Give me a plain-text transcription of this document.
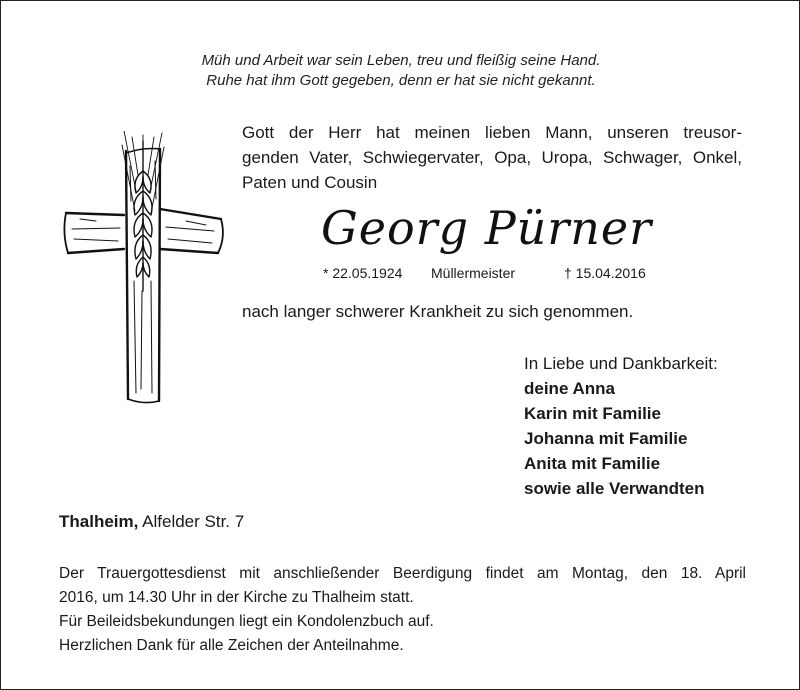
Müh und Arbeit war sein Leben, treu und fleißig seine Hand.
Ruhe hat ihm Gott gegeben, denn er hat sie nicht gekannt.
Gott der Herr hat meinen lieben Mann, unseren treusor-
genden Vater, Schwiegervater, Opa, Uropa, Schwager, Onkel,
Paten und Cousin
Georg Pürner
* 22.05.1924 Müllermeister	† 15.04.2016
nach langer schwerer Krankheit zu sich genommen.
In Liebe und Dankbarkeit:
deine Anna
Karin mit Familie
Johanna mit Familie
Anita mit Familie
sowie alle Verwandten
Thalheim, Alfelder Str. 7
Der Trauergottesdienst mit anschließender Beerdigung findet am Montag, den 18. April
2016, um 14.30 Uhr in der Kirche zu Thalheim statt.
Für Beileidsbekundungen liegt ein Kondolenzbuch auf.
Herzlichen Dank für alle Zeichen der Anteilnahme.
